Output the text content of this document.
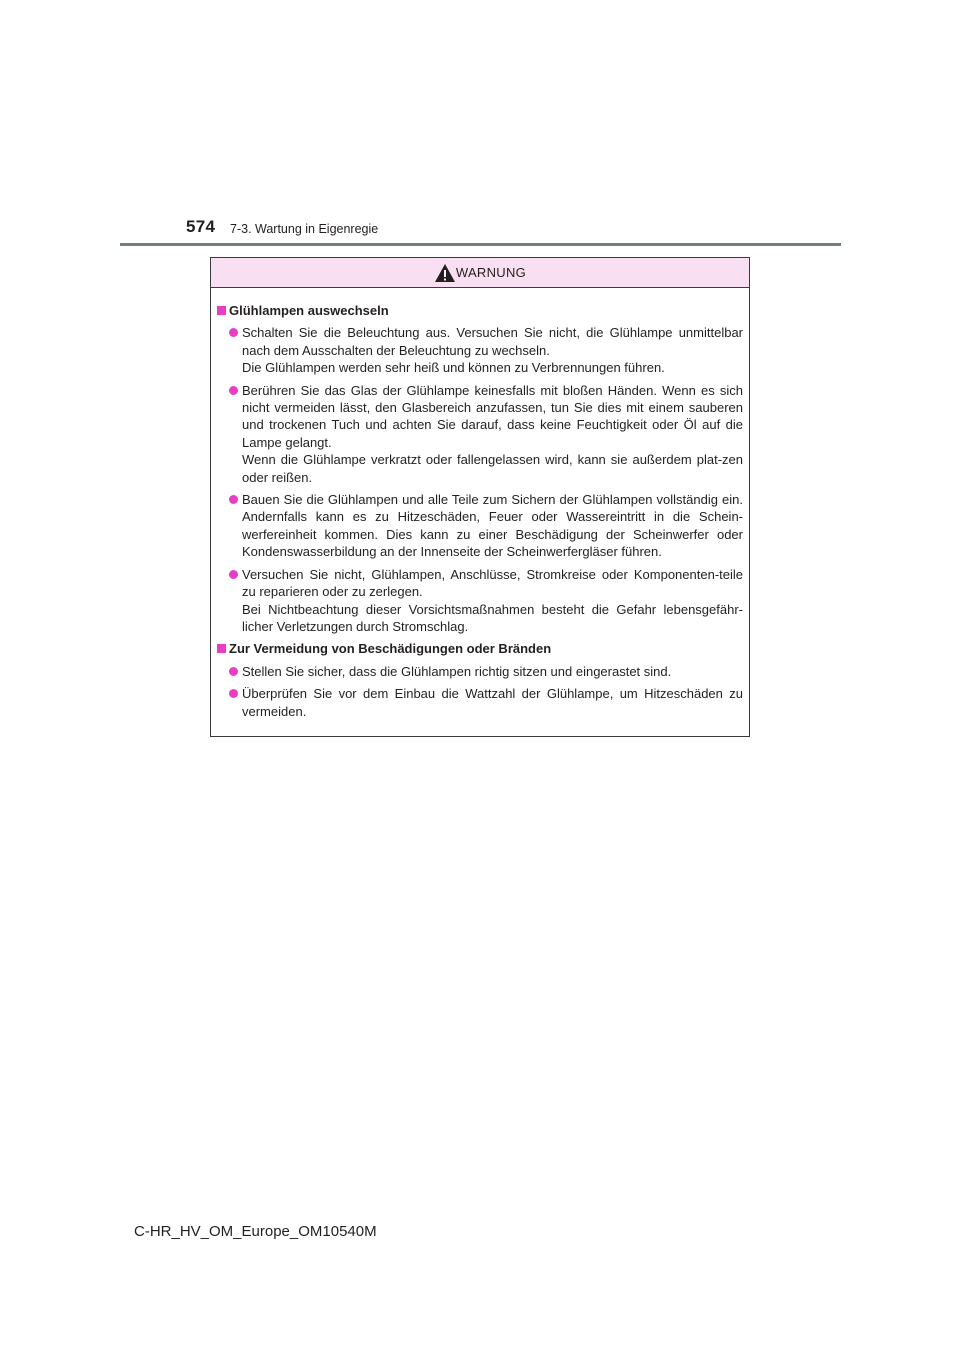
574 7-3. Wartung in Eigenregie
WARNUNG
Glühlampen auswechseln
Schalten Sie die Beleuchtung aus. Versuchen Sie nicht, die Glühlampe unmittelbar nach dem Ausschalten der Beleuchtung zu wechseln.
Die Glühlampen werden sehr heiß und können zu Verbrennungen führen.
Berühren Sie das Glas der Glühlampe keinesfalls mit bloßen Händen. Wenn es sich nicht vermeiden lässt, den Glasbereich anzufassen, tun Sie dies mit einem sauberen und trockenen Tuch und achten Sie darauf, dass keine Feuchtigkeit oder Öl auf die Lampe gelangt.
Wenn die Glühlampe verkratzt oder fallengelassen wird, kann sie außerdem plat-zen oder reißen.
Bauen Sie die Glühlampen und alle Teile zum Sichern der Glühlampen vollständig ein. Andernfalls kann es zu Hitzeschäden, Feuer oder Wassereintritt in die Schein-werfereinheit kommen. Dies kann zu einer Beschädigung der Scheinwerfer oder Kondenswasserbildung an der Innenseite der Scheinwerfergläser führen.
Versuchen Sie nicht, Glühlampen, Anschlüsse, Stromkreise oder Komponenten-teile zu reparieren oder zu zerlegen.
Bei Nichtbeachtung dieser Vorsichtsmaßnahmen besteht die Gefahr lebensgefähr-licher Verletzungen durch Stromschlag.
Zur Vermeidung von Beschädigungen oder Bränden
Stellen Sie sicher, dass die Glühlampen richtig sitzen und eingerastet sind.
Überprüfen Sie vor dem Einbau die Wattzahl der Glühlampe, um Hitzeschäden zu vermeiden.
C-HR_HV_OM_Europe_OM10540M
